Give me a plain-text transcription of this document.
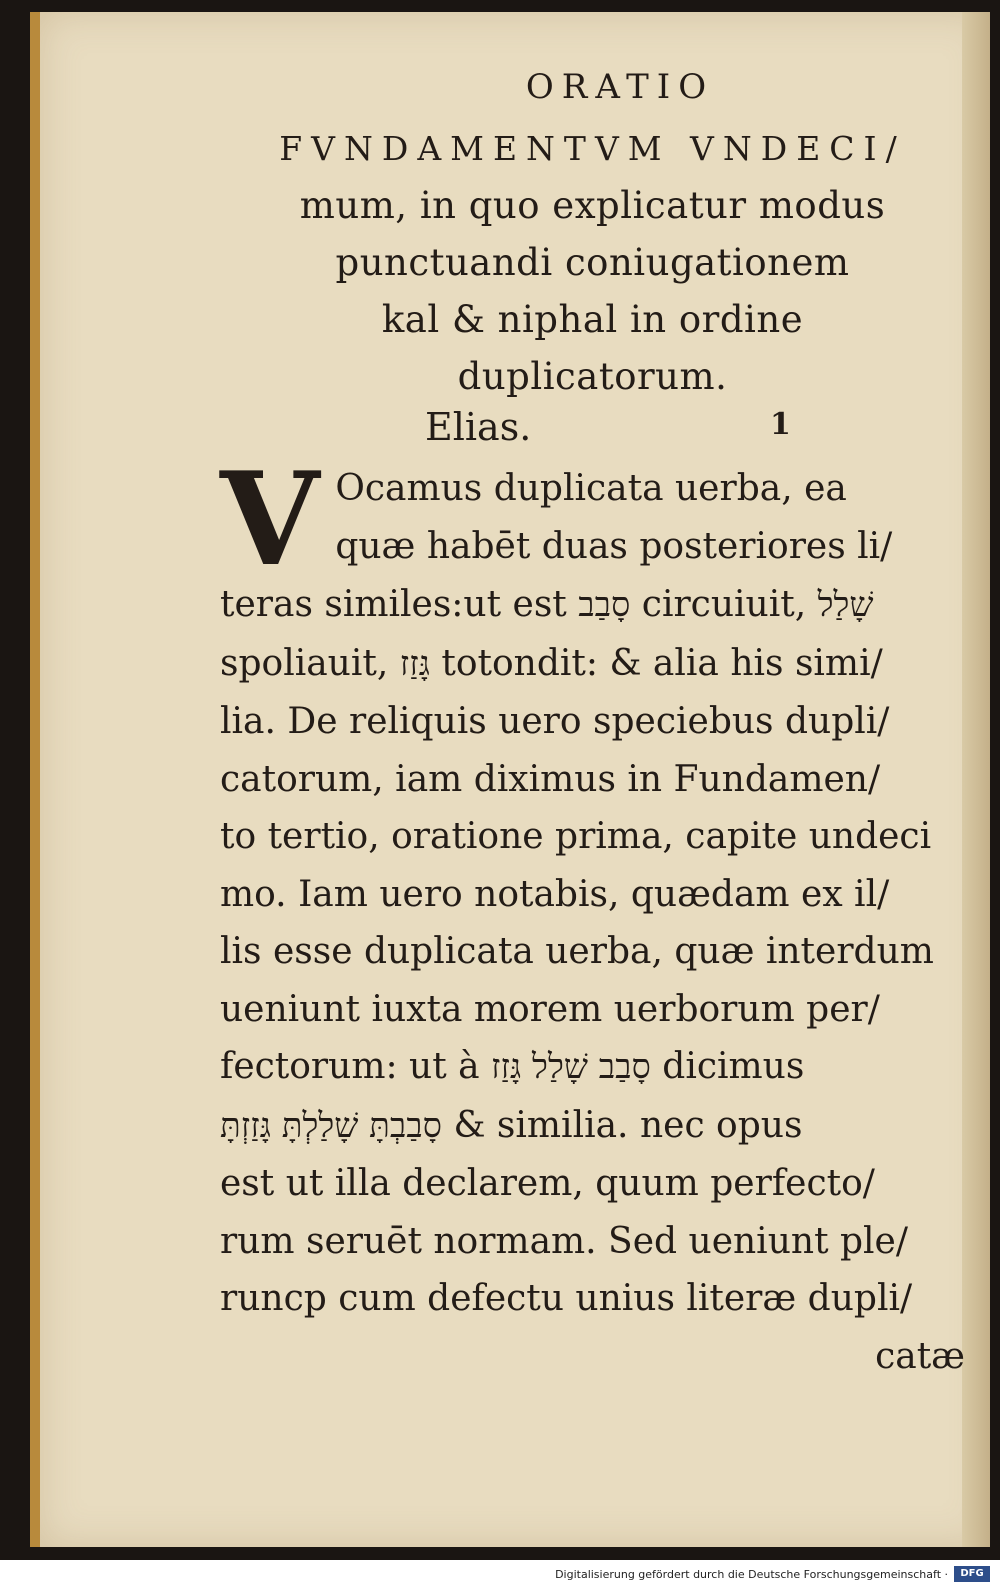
ORATIO

FVNDAMENTVM VNDECI/
mum, in quo explicatur modus
punctuandi coniugationem
kal & niphal in ordine
duplicatorum.

Elias.	1
V Ocamus duplicata uerba, ea

quæ habēt duas posteriores li/

teras similes:ut est סָבַב circuiuit, שָׁלַל

spoliauit, גָּזַז totondit: & alia his simi/

lia. De reliquis uero speciebus dupli/

catorum, iam diximus in Fundamen/

to tertio, oratione prima, capite undeci

mo. Iam uero notabis, quædam ex il/

lis esse duplicata uerba, quæ interdum

ueniunt iuxta morem uerborum per/

fectorum: ut à סָבַב שָׁלַל גָּזַז dicimus

סָבַבְתָּ שָׁלַלְתָּ גָּזַזְתָּ & similia. nec opus

est ut illa declarem, quum perfecto/

rum seruēt normam. Sed ueniunt ple/

runcp cum defectu unius literæ dupli/

catæ

Digitalisierung gefördert durch die Deutsche Forschungsgemeinschaft ·	DFG
